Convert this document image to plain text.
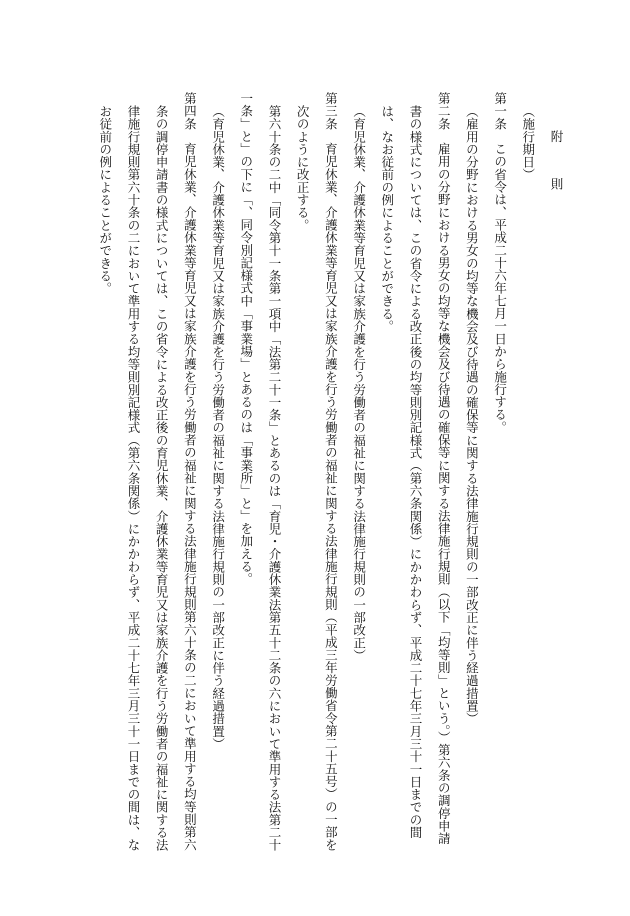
附　則

（施行期日）

第一条　この省令は、平成二十六年七月一日から施行する。

（雇用の分野における男女の均等な機会及び待遇の確保等に関する法律施行規則の一部改正に伴う経過措置）

第二条　雇用の分野における男女の均等な機会及び待遇の確保等に関する法律施行規則（以下「均等則」という。）第六条の調停申請書の様式については、この省令による改正後の均等則別記様式（第六条関係）にかかわらず、平成二十七年三月三十一日までの間は、なお従前の例によることができる。

（育児休業、介護休業等育児又は家族介護を行う労働者の福祉に関する法律施行規則の一部改正）

第三条　育児休業、介護休業等育児又は家族介護を行う労働者の福祉に関する法律施行規則（平成三年労働省令第二十五号）の一部を次のように改正する。

第六十条の二中「同令第十一条第一項中「法第二十一条」とあるのは「育児・介護休業法第五十二条の六において準用する法第二十一条」と」の下に「、同令別記様式中「事業場」とあるのは「事業所」と」を加える。

（育児休業、介護休業等育児又は家族介護を行う労働者の福祉に関する法律施行規則の一部改正に伴う経過措置）

第四条　育児休業、介護休業等育児又は家族介護を行う労働者の福祉に関する法律施行規則第六十条の二において準用する均等則第六条の調停申請書の様式については、この省令による改正後の育児休業、介護休業等育児又は家族介護を行う労働者の福祉に関する法律施行規則第六十条の二において準用する均等則別記様式（第六条関係）にかかわらず、平成二十七年三月三十一日までの間は、なお従前の例によることができる。
